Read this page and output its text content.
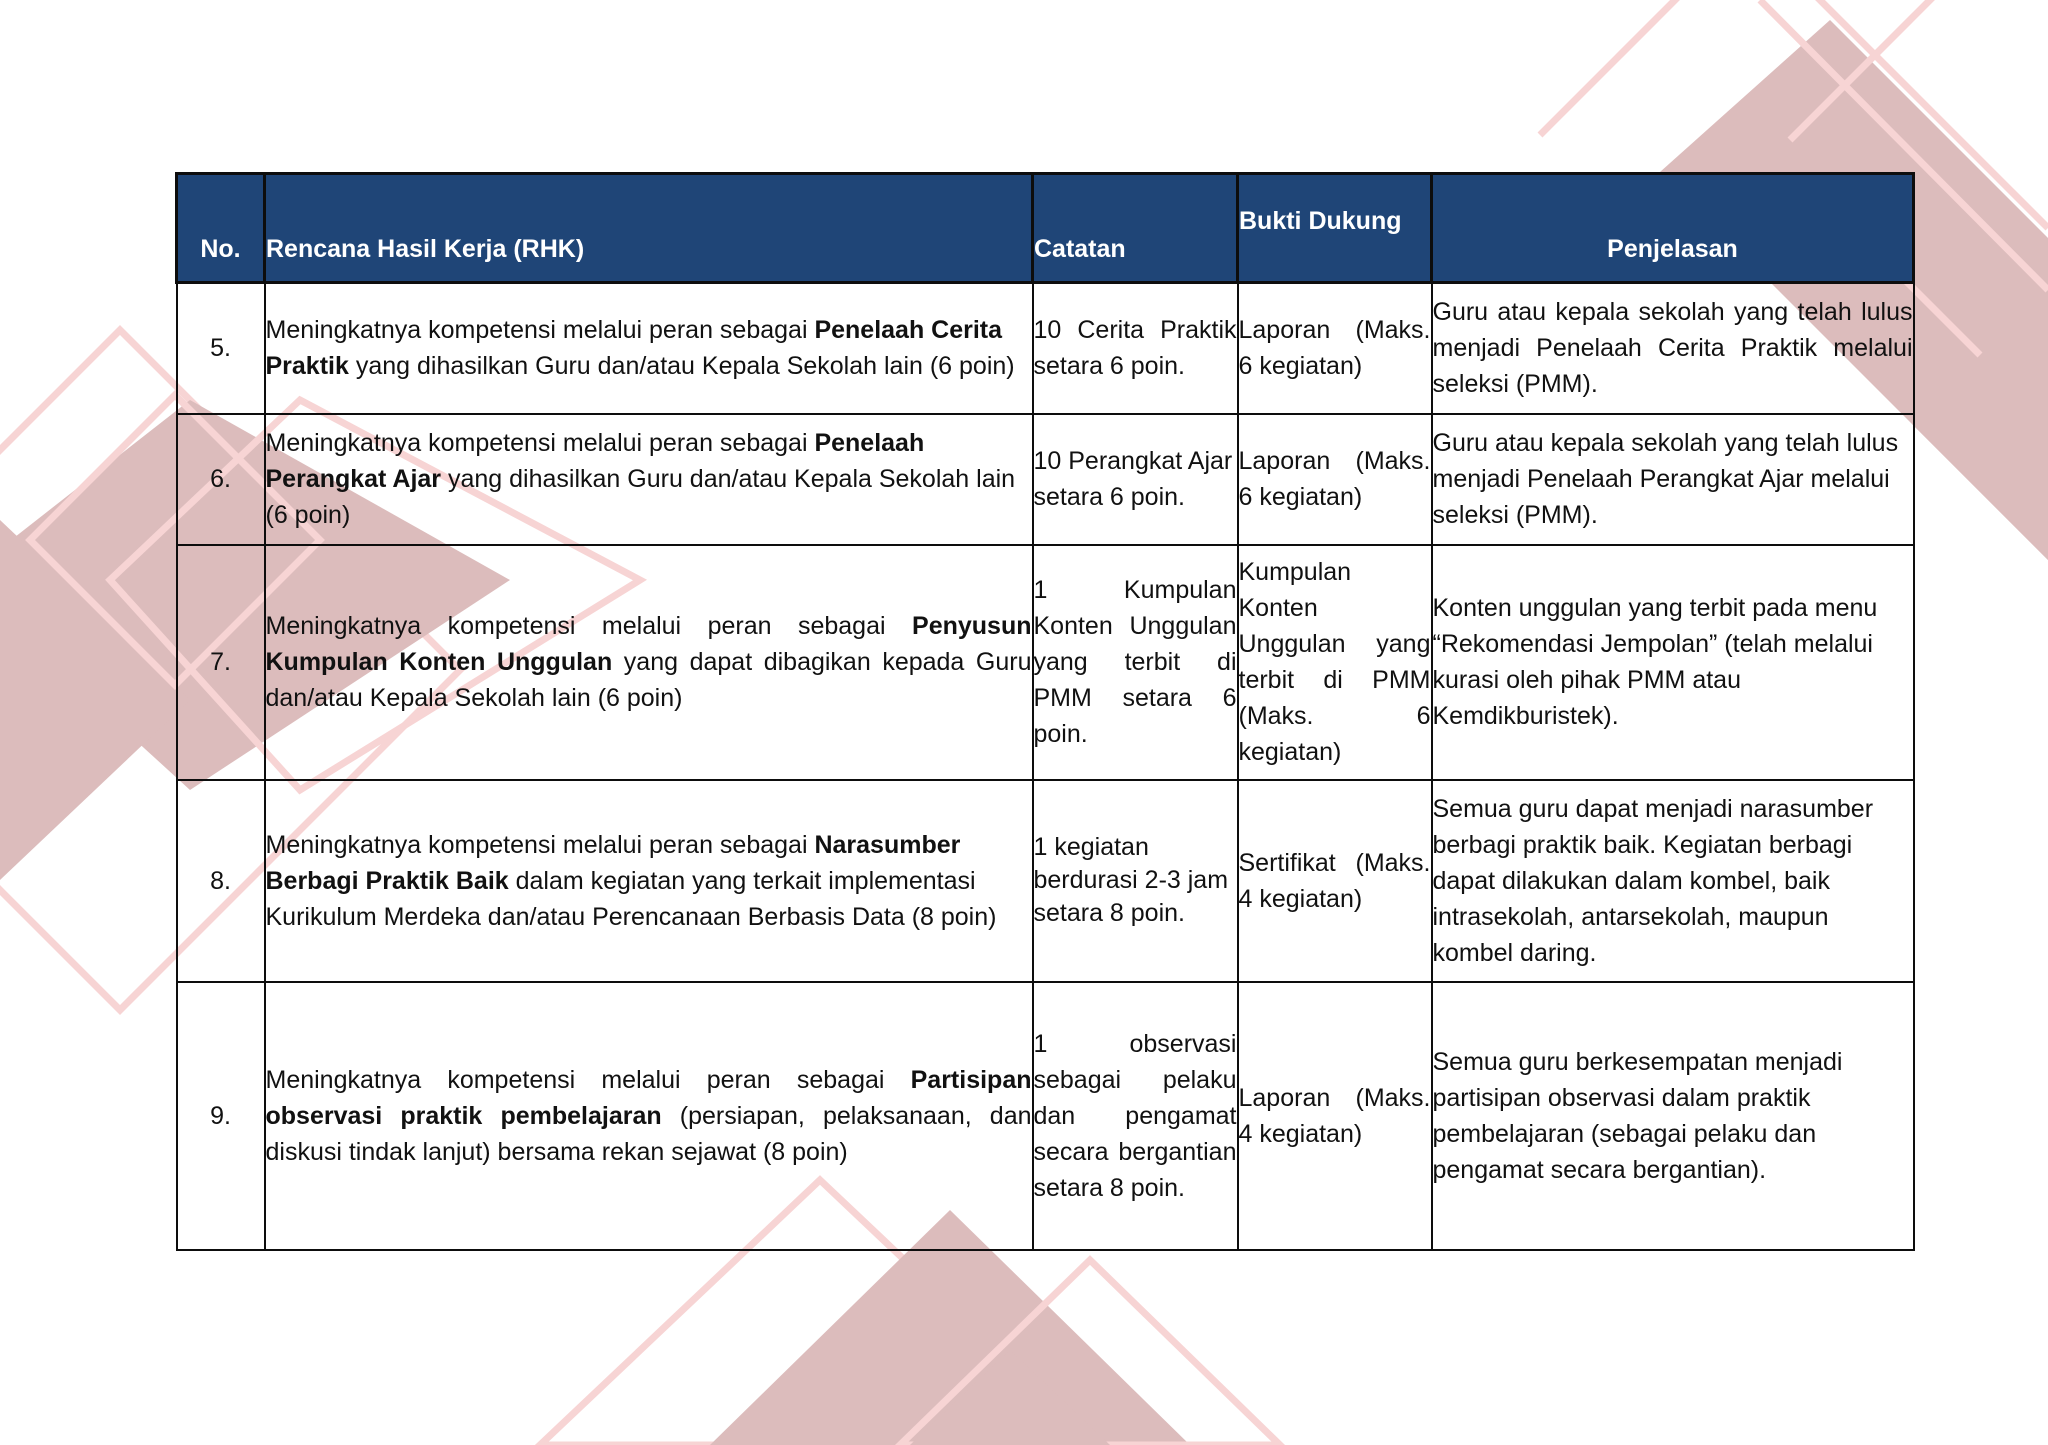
No.	Rencana Hasil Kerja (RHK)	Catatan	Bukti Dukung	Penjelasan
5.	Meningkatnya kompetensi melalui peran sebagai Penelaah Cerita Praktik yang dihasilkan Guru dan/atau Kepala Sekolah lain (6 poin)	10 Cerita Praktik setara 6 poin.	Laporan (Maks. 6 kegiatan)	Guru atau kepala sekolah yang telah lulus menjadi Penelaah Cerita Praktik melalui seleksi (PMM).
6.	Meningkatnya kompetensi melalui peran sebagai Penelaah Perangkat Ajar yang dihasilkan Guru dan/atau Kepala Sekolah lain (6 poin)	10 Perangkat Ajar setara 6 poin.	Laporan (Maks. 6 kegiatan)	Guru atau kepala sekolah yang telah lulus menjadi Penelaah Perangkat Ajar melalui seleksi (PMM).
7.	Meningkatnya kompetensi melalui peran sebagai Penyusun Kumpulan Konten Unggulan yang dapat dibagikan kepada Guru dan/atau Kepala Sekolah lain (6 poin)	1 Kumpulan Konten Unggulan yang terbit di PMM setara 6 poin.	Kumpulan Konten Unggulan yang terbit di PMM (Maks. 6 kegiatan)	Konten unggulan yang terbit pada menu “Rekomendasi Jempolan” (telah melalui kurasi oleh pihak PMM atau Kemdikburistek).
8.	Meningkatnya kompetensi melalui peran sebagai Narasumber Berbagi Praktik Baik dalam kegiatan yang terkait implementasi Kurikulum Merdeka dan/atau Perencanaan Berbasis Data (8 poin)	1 kegiatan berdurasi 2-3 jam setara 8 poin.	Sertifikat (Maks. 4 kegiatan)	Semua guru dapat menjadi narasumber berbagi praktik baik. Kegiatan berbagi dapat dilakukan dalam kombel, baik intrasekolah, antarsekolah, maupun kombel daring.
9.	Meningkatnya kompetensi melalui peran sebagai Partisipan observasi praktik pembelajaran (persiapan, pelaksanaan, dan diskusi tindak lanjut) bersama rekan sejawat (8 poin)	1 observasi sebagai pelaku dan pengamat secara bergantian setara 8 poin.	Laporan (Maks. 4 kegiatan)	Semua guru berkesempatan menjadi partisipan observasi dalam praktik pembelajaran (sebagai pelaku dan pengamat secara bergantian).
